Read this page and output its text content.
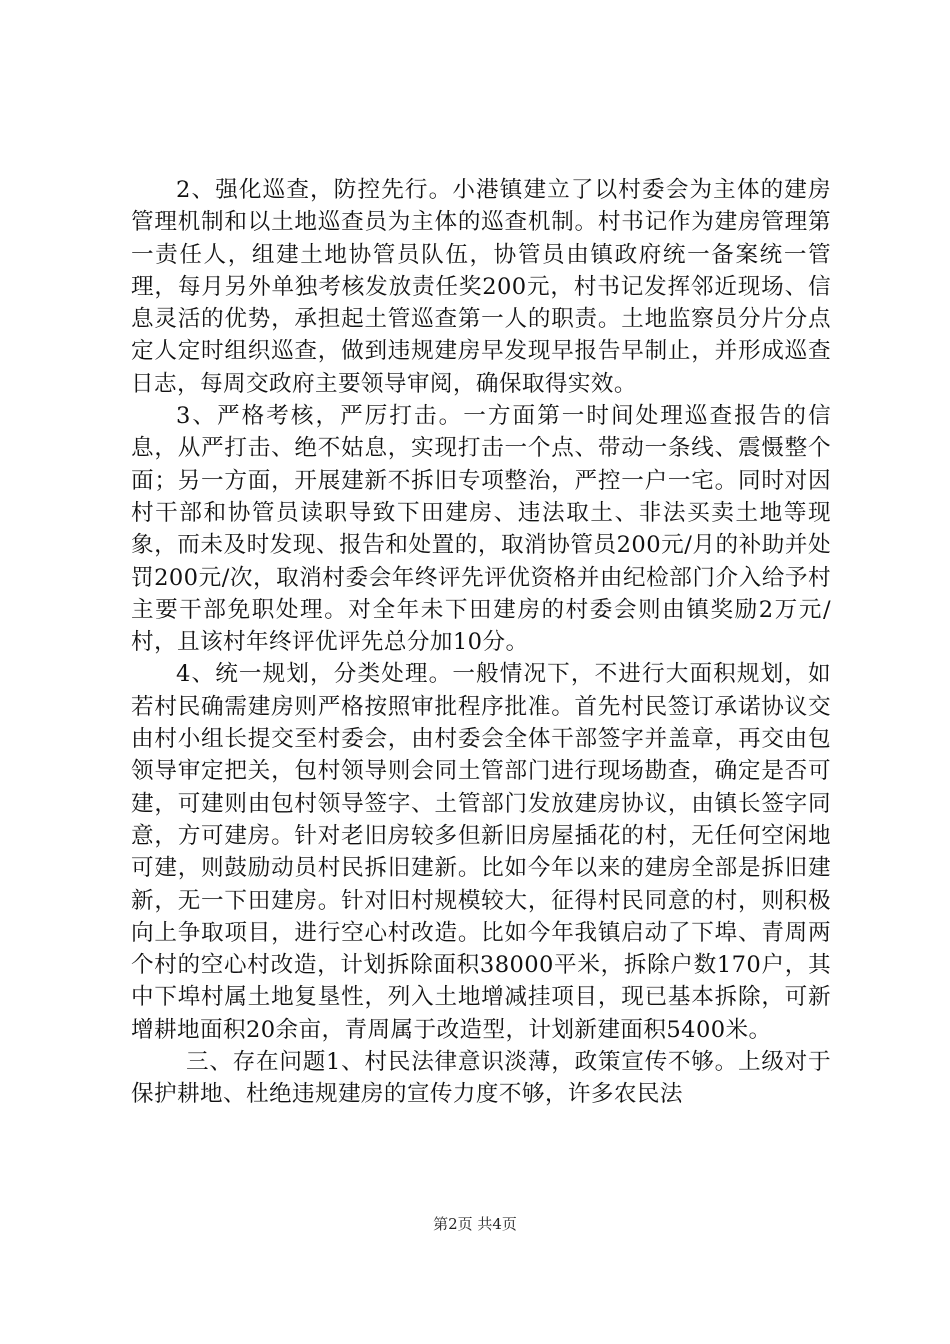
2、强化巡查，防控先行。小港镇建立了以村委会为主体的建房管理机制和以土地巡查员为主体的巡查机制。村书记作为建房管理第一责任人，组建土地协管员队伍，协管员由镇政府统一备案统一管理，每月另外单独考核发放责任奖200元，村书记发挥邻近现场、信息灵活的优势，承担起土管巡查第一人的职责。土地监察员分片分点定人定时组织巡查，做到违规建房早发现早报告早制止，并形成巡查日志，每周交政府主要领导审阅，确保取得实效。

3、严格考核，严厉打击。一方面第一时间处理巡查报告的信息，从严打击、绝不姑息，实现打击一个点、带动一条线、震慑整个面；另一方面，开展建新不拆旧专项整治，严控一户一宅。同时对因村干部和协管员读职导致下田建房、违法取土、非法买卖土地等现象，而未及时发现、报告和处置的，取消协管员200元/月的补助并处罚200元/次，取消村委会年终评先评优资格并由纪检部门介入给予村主要干部免职处理。对全年未下田建房的村委会则由镇奖励2万元/村，且该村年终评优评先总分加10分。

4、统一规划，分类处理。一般情况下，不进行大面积规划，如若村民确需建房则严格按照审批程序批准。首先村民签订承诺协议交由村小组长提交至村委会，由村委会全体干部签字并盖章，再交由包领导审定把关，包村领导则会同土管部门进行现场勘查，确定是否可建，可建则由包村领导签字、土管部门发放建房协议，由镇长签字同意，方可建房。针对老旧房较多但新旧房屋插花的村，无任何空闲地可建，则鼓励动员村民拆旧建新。比如今年以来的建房全部是拆旧建新，无一下田建房。针对旧村规模较大，征得村民同意的村，则积极向上争取项目，进行空心村改造。比如今年我镇启动了下埠、青周两个村的空心村改造，计划拆除面积38000平米，拆除户数170户，其中下埠村属土地复垦性，列入土地增减挂项目，现已基本拆除，可新增耕地面积20余亩，青周属于改造型，计划新建面积5400米。

三、存在问题1、村民法律意识淡薄，政策宣传不够。上级对于保护耕地、杜绝违规建房的宣传力度不够，许多农民法

第2页 共4页
